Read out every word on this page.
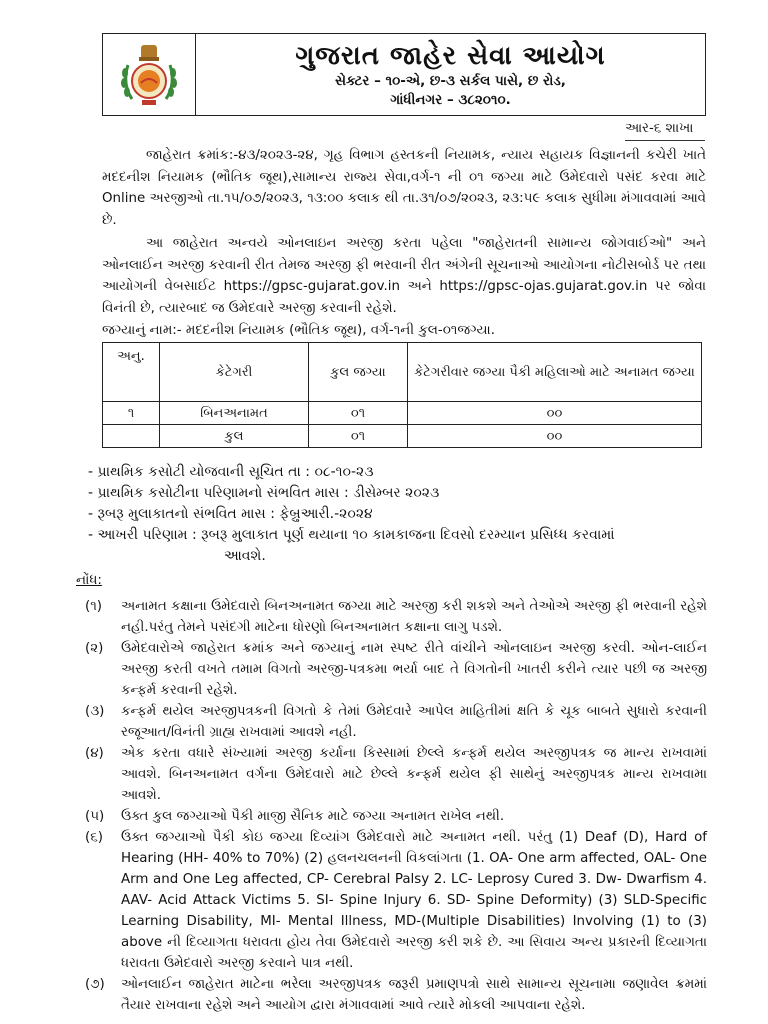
ગુજરાત જાહેર સેવા આયોગ
સેક્ટર – ૧૦-એ, છ-૩ સર્કલ પાસે, છ રોડ,
ગાંધીનગર – ૩૮૨૦૧૦.
આર-૬ શાખા

જાહેરાત ક્રમાંક:-૪૩/૨૦૨૩-૨૪, ગૃહ વિભાગ હસ્તકની નિયામક, ન્યાય સહાયક વિજ્ઞાનની કચેરી ખાતે મદદનીશ નિયામક (ભૌતિક જૂથ),સામાન્ય રાજ્ય સેવા,વર્ગ-૧ ની ૦૧ જગ્યા માટે ઉમેદવારો પસંદ કરવા માટે Online અરજીઓ તા.૧૫/૦૭/૨૦૨૩, ૧૩:૦૦ કલાક થી તા.૩૧/૦૭/૨૦૨૩, ૨૩:૫૯ કલાક સુધીમા મંગાવવામાં આવે છે.

આ જાહેરાત અન્વયે ઓનલાઇન અરજી કરતા પહેલા "જાહેરાતની સામાન્ય જોગવાઈઓ" અને ઓનલાઈન અરજી કરવાની રીત તેમજ અરજી ફી ભરવાની રીત અંગેની સૂચનાઓ આયોગના નોટીસબોર્ડ પર તથા આયોગની વેબસાઈટ https://gpsc-gujarat.gov.in અને https://gpsc-ojas.gujarat.gov.in પર જોવા વિનંતી છે, ત્યારબાદ જ ઉમેદવારે અરજી કરવાની રહેશે.

જગ્યાનું નામ:- મદદનીશ નિયામક (ભૌતિક જૂથ), વર્ગ-૧ની કુલ-૦૧જગ્યા.

અનુ.	કેટેગરી	કુલ જગ્યા	કેટેગરીવાર જગ્યા પૈકી મહિલાઓ માટે અનામત જગ્યા
૧	બિનઅનામત	૦૧	૦૦
	કુલ	૦૧	૦૦
- પ્રાથમિક કસોટી યોજવાની સૂચિત તા : ૦૮-૧૦-૨૩
- પ્રાથમિક કસોટીના પરિણામનો સંભવિત માસ : ડીસેમ્બર ૨૦૨૩
- રૂબરૂ મુલાકાતનો સંભવિત માસ : ફેબ્રુઆરી.-૨૦૨૪
- આખરી પરિણામ : રૂબરૂ મુલાકાત પૂર્ણ થયાના ૧૦ કામકાજના દિવસો દરમ્યાન પ્રસિધ્ધ કરવામાં
આવશે.
નોંધ:
(૧)	અનામત કક્ષાના ઉમેદવારો બિનઅનામત જગ્યા માટે અરજી કરી શકશે અને તેઓએ અરજી ફી ભરવાની રહેશે નહી.પરંતુ તેમને પસંદગી માટેના ધોરણો બિનઅનામત કક્ષાના લાગુ પડશે.
(૨)	ઉમેદવારોએ જાહેરાત ક્રમાંક અને જગ્યાનું નામ સ્પષ્ટ રીતે વાંચીને ઓનલાઇન અરજી કરવી. ઓન-લાઈન અરજી કરતી વખતે તમામ વિગતો અરજી-પત્રકમા ભર્યા બાદ તે વિગતોની ખાતરી કરીને ત્યાર પછી જ અરજી કન્ફર્મ કરવાની રહેશે.
(૩)	કન્ફર્મ થયેલ અરજીપત્રકની વિગતો કે તેમાં ઉમેદવારે આપેલ માહિતીમાં ક્ષતિ કે ચૂક બાબતે સુધારો કરવાની રજૂઆત/વિનંતી ગ્રાહ્ય રાખવામાં આવશે નહી.
(૪)	એક કરતા વધારે સંખ્યામાં અરજી કર્યાના કિસ્સામાં છેલ્લે કન્ફર્મ થયેલ અરજીપત્રક જ માન્ય રાખવામાં આવશે. બિનઅનામત વર્ગના ઉમેદવારો માટે છેલ્લે કન્ફર્મ થયેલ ફી સાથેનું અરજીપત્રક માન્ય રાખવામા આવશે.
(૫)	ઉક્ત કુલ જગ્યાઓ પૈકી માજી સૈનિક માટે જગ્યા અનામત રાખેલ નથી.
(૬)	ઉક્ત જગ્યાઓ પૈકી કોઇ જગ્યા દિવ્યાંગ ઉમેદવારો માટે અનામત નથી. પરંતુ (1) Deaf (D), Hard of Hearing (HH- 40% to 70%) (2) હલનચલનની વિકલાંગતા (1. OA- One arm affected, OAL- One Arm and One Leg affected, CP- Cerebral Palsy 2. LC- Leprosy Cured 3. Dw- Dwarfism 4. AAV- Acid Attack Victims 5. SI- Spine Injury 6. SD- Spine Deformity) (3) SLD-Specific Learning Disability, MI- Mental Illness, MD-(Multiple Disabilities) Involving (1) to (3) above ની દિવ્યાગતા ધરાવતા હોય તેવા ઉમેદવારો અરજી કરી શકે છે. આ સિવાય અન્ય પ્રકારની દિવ્યાગતા ધરાવતા ઉમેદવારો અરજી કરવાને પાત્ર નથી.
(૭)	ઓનલાઈન જાહેરાત માટેના ભરેલા અરજીપત્રક જરૂરી પ્રમાણપત્રો સાથે સામાન્ય સૂચનામા જણાવેલ ક્રમમાં તૈયાર રાખવાના રહેશે અને આયોગ દ્વારા મંગાવવામાં આવે ત્યારે મોકલી આપવાના રહેશે.
